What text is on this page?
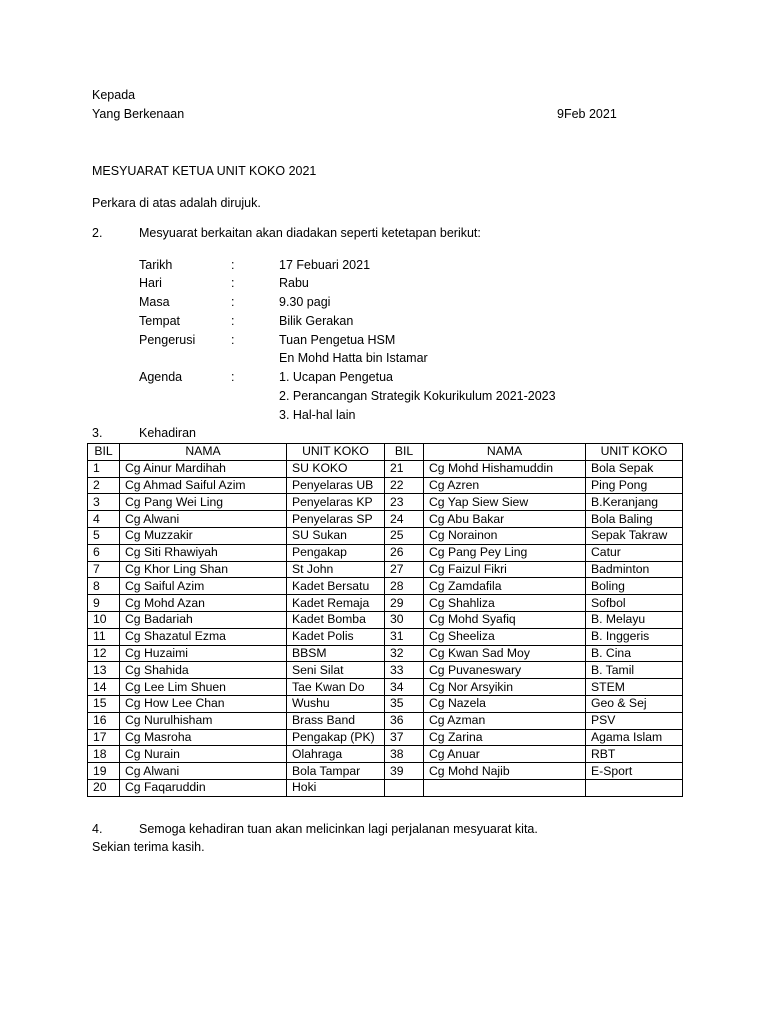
Kepada
Yang Berkenaan	9Feb 2021
MESYUARAT KETUA UNIT KOKO 2021
Perkara di atas adalah dirujuk.
2.	Mesyuarat berkaitan akan diadakan seperti ketetapan berikut:
Tarikh	:	17 Febuari 2021
Hari	:	Rabu
Masa	:	9.30 pagi
Tempat	:	Bilik Gerakan
Pengerusi	:	Tuan Pengetua HSM
En Mohd Hatta bin Istamar
Agenda	:	1. Ucapan Pengetua
2. Perancangan Strategik Kokurikulum 2021-2023
3. Hal-hal lain
3.	Kehadiran
BIL	NAMA	UNIT KOKO	BIL	NAMA	UNIT KOKO
1	Cg Ainur Mardihah	SU KOKO	21	Cg Mohd Hishamuddin	Bola Sepak
2	Cg Ahmad Saiful Azim	Penyelaras UB	22	Cg Azren	Ping Pong
3	Cg Pang Wei Ling	Penyelaras KP	23	Cg Yap Siew Siew	B.Keranjang
4	Cg Alwani	Penyelaras SP	24	Cg Abu Bakar	Bola Baling
5	Cg Muzzakir	SU Sukan	25	Cg Norainon	Sepak Takraw
6	Cg Siti Rhawiyah	Pengakap	26	Cg Pang Pey Ling	Catur
7	Cg Khor Ling Shan	St John	27	Cg Faizul Fikri	Badminton
8	Cg Saiful Azim	Kadet Bersatu	28	Cg Zamdafila	Boling
9	Cg Mohd Azan	Kadet Remaja	29	Cg Shahliza	Sofbol
10	Cg Badariah	Kadet Bomba	30	Cg Mohd Syafiq	B. Melayu
11	Cg Shazatul Ezma	Kadet Polis	31	Cg Sheeliza	B. Inggeris
12	Cg Huzaimi	BBSM	32	Cg Kwan Sad Moy	B. Cina
13	Cg Shahida	Seni Silat	33	Cg Puvaneswary	B. Tamil
14	Cg Lee Lim Shuen	Tae Kwan Do	34	Cg Nor Arsyikin	STEM
15	Cg How Lee Chan	Wushu	35	Cg Nazela	Geo & Sej
16	Cg Nurulhisham	Brass Band	36	Cg Azman	PSV
17	Cg Masroha	Pengakap (PK)	37	Cg Zarina	Agama Islam
18	Cg Nurain	Olahraga	38	Cg Anuar	RBT
19	Cg Alwani	Bola Tampar	39	Cg Mohd Najib	E-Sport
20	Cg Faqaruddin	Hoki			
4.	Semoga kehadiran tuan akan melicinkan lagi perjalanan mesyuarat kita.
Sekian terima kasih.
